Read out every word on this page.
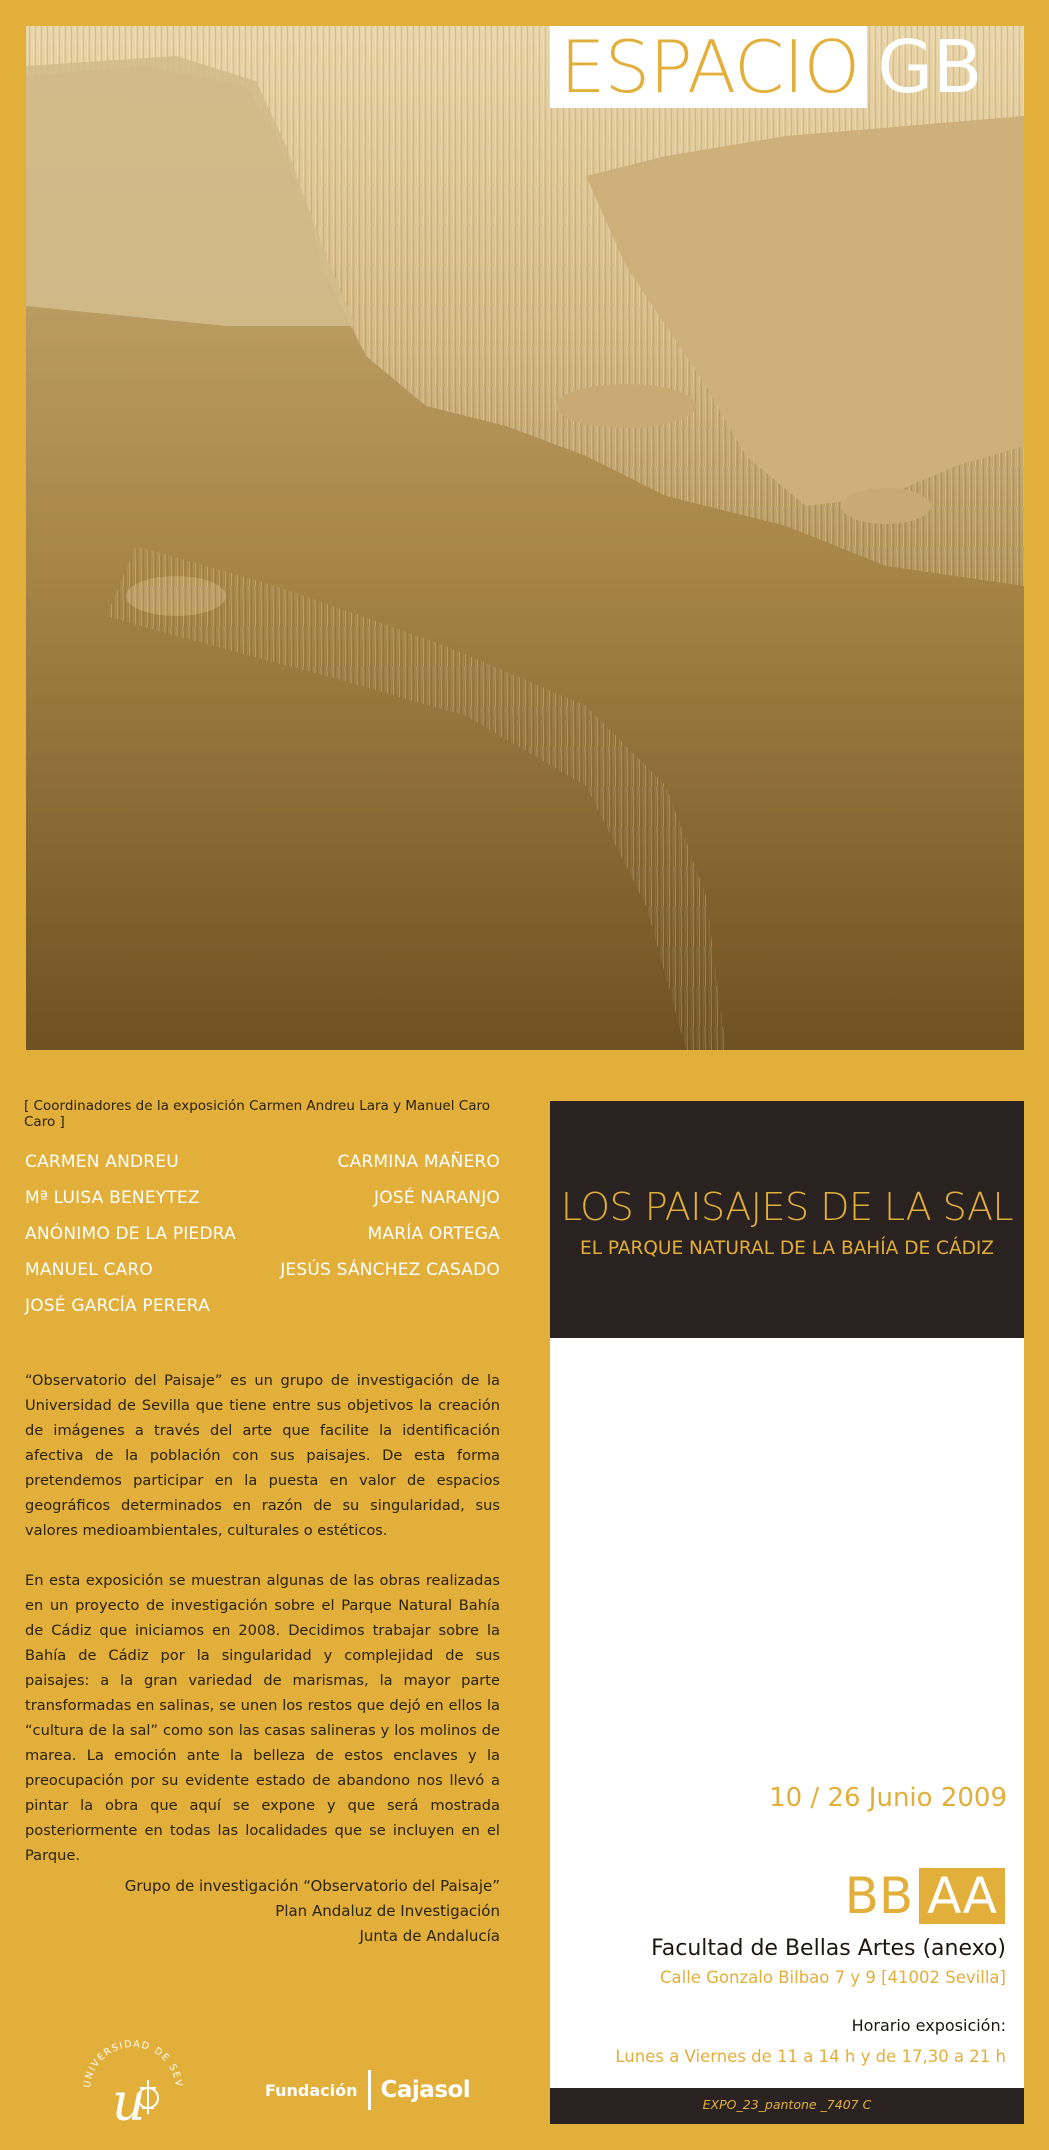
ESPACIO GB
[ Coordinadores de la exposición Carmen Andreu Lara y Manuel Caro Caro ]
CARMEN ANDREU
Mª LUISA BENEYTEZ
ANÓNIMO DE LA PIEDRA
MANUEL CARO
JOSÉ GARCÍA PERERA
CARMINA MAÑERO
JOSÉ NARANJO
MARÍA ORTEGA
JESÚS SÁNCHEZ CASADO
“Observatorio del Paisaje” es un grupo de investigación de la Universidad de Sevilla que tiene entre sus objetivos la creación de imágenes a través del arte que facilite la identificación afectiva de la población con sus paisajes. De esta forma pretendemos participar en la puesta en valor de espacios geográficos determinados en razón de su singularidad, sus valores medioambientales, culturales o estéticos.
En esta exposición se muestran algunas de las obras realizadas en un proyecto de investigación sobre el Parque Natural Bahía de Cádiz que iniciamos en 2008. Decidimos trabajar sobre la Bahía de Cádiz por la singularidad y complejidad de sus paisajes: a la gran variedad de marismas, la mayor parte transformadas en salinas, se unen los restos que dejó en ellos la “cultura de la sal” como son las casas salineras y los molinos de marea. La emoción ante la belleza de estos enclaves y la preocupación por su evidente estado de abandono nos llevó a pintar la obra que aquí se expone y que será mostrada posteriormente en todas las localidades que se incluyen en el Parque.
Grupo de investigación “Observatorio del Paisaje”
Plan Andaluz de Investigación
Junta de Andalucía
LOS PAISAJES DE LA SAL
EL PARQUE NATURAL DE LA BAHÍA DE CÁDIZ
10 / 26 Junio 2009
BB AA
Facultad de Bellas Artes (anexo)
Calle Gonzalo Bilbao 7 y 9 [41002 Sevilla]
Horario exposición:
Lunes a Viernes de 11 a 14 h y de 17,30 a 21 h
EXPO_23_pantone _7407 C
UNIVERSIDAD DE SEV
u	Fundación Cajasol
